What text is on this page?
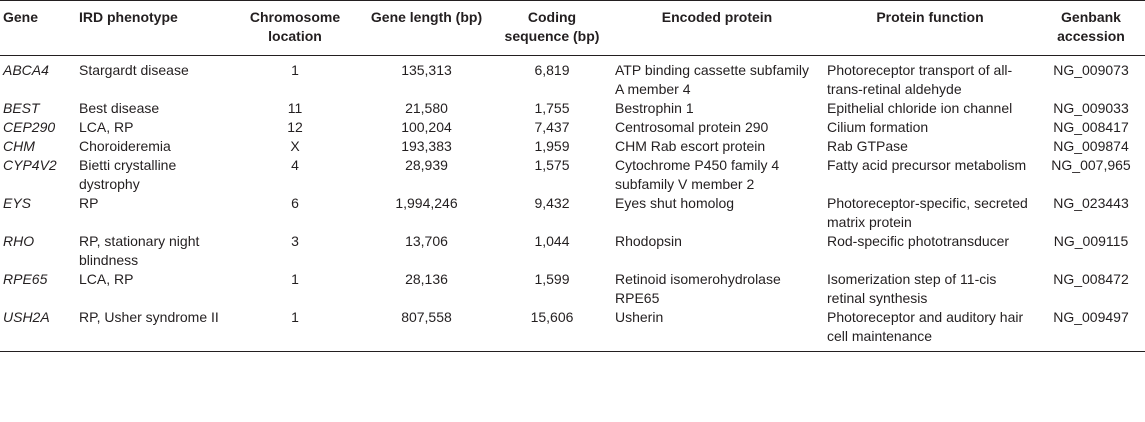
Gene	IRD phenotype	Chromosome location	Gene length (bp)	Coding sequence (bp)	Encoded protein	Protein function	Genbank accession
ABCA4	Stargardt disease	1	135,313	6,819	ATP binding cassette subfamily A member 4	Photoreceptor transport of all-trans-retinal aldehyde	NG_009073
BEST	Best disease	11	21,580	1,755	Bestrophin 1	Epithelial chloride ion channel	NG_009033
CEP290	LCA, RP	12	100,204	7,437	Centrosomal protein 290	Cilium formation	NG_008417
CHM	Choroideremia	X	193,383	1,959	CHM Rab escort protein	Rab GTPase	NG_009874
CYP4V2	Bietti crystalline dystrophy	4	28,939	1,575	Cytochrome P450 family 4 subfamily V member 2	Fatty acid precursor metabolism	NG_007,965
EYS	RP	6	1,994,246	9,432	Eyes shut homolog	Photoreceptor-specific, secreted matrix protein	NG_023443
RHO	RP, stationary night blindness	3	13,706	1,044	Rhodopsin	Rod-specific phototransducer	NG_009115
RPE65	LCA, RP	1	28,136	1,599	Retinoid isomerohydrolase RPE65	Isomerization step of 11-cis retinal synthesis	NG_008472
USH2A	RP, Usher syndrome II	1	807,558	15,606	Usherin	Photoreceptor and auditory hair cell maintenance	NG_009497
